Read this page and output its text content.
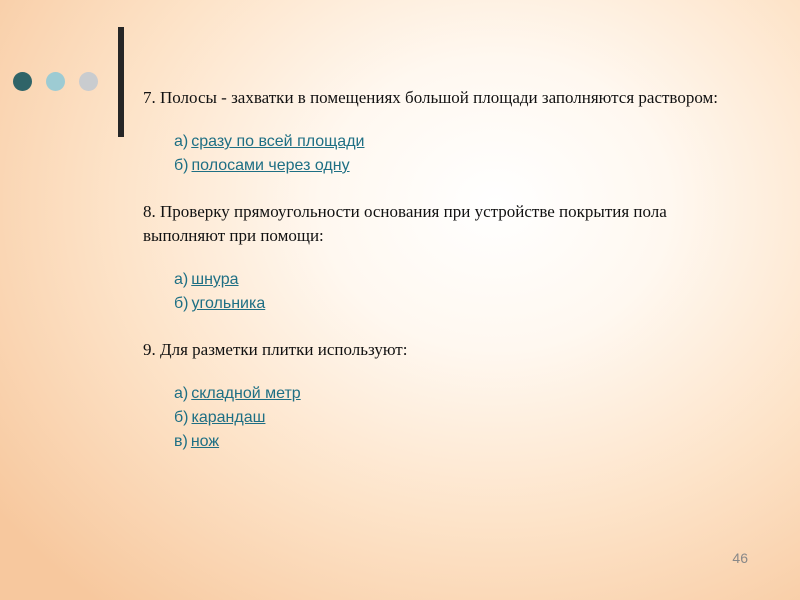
7. Полосы - захватки в помещениях большой площади заполняются раствором:

а) сразу по всей площади
б) полосами через одну

8. Проверку прямоугольности основания при устройстве покрытия пола выполняют при помощи:

а) шнура
б) угольника

9. Для разметки плитки используют:

а) складной метр
б) карандаш
в) нож
46
